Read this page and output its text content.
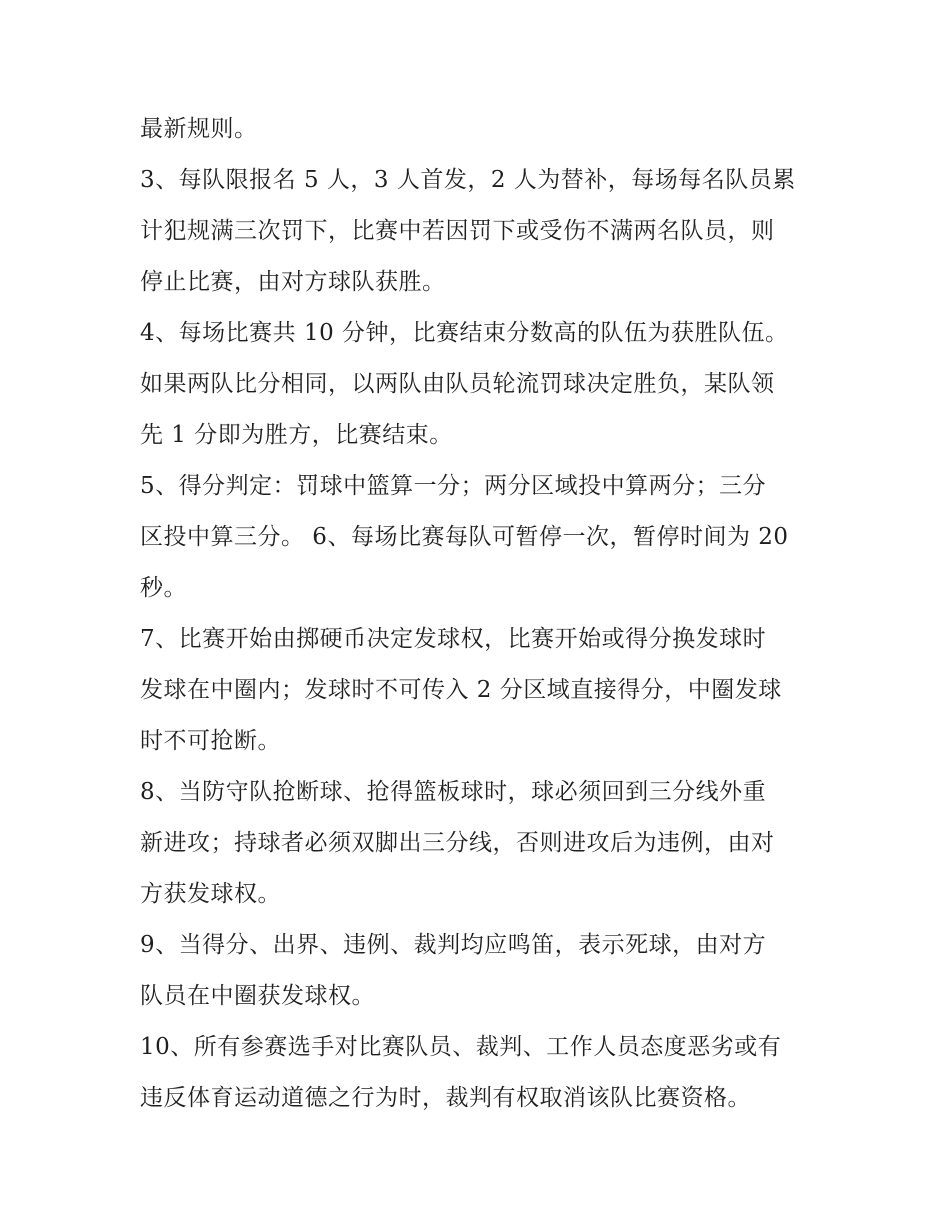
最新规则。
3、每队限报名 5 人，3 人首发，2 人为替补，每场每名队员累
计犯规满三次罚下，比赛中若因罚下或受伤不满两名队员，则
停止比赛，由对方球队获胜。
4、每场比赛共 10 分钟，比赛结束分数高的队伍为获胜队伍。
如果两队比分相同，以两队由队员轮流罚球决定胜负，某队领
先 1 分即为胜方，比赛结束。
5、得分判定：罚球中篮算一分；两分区域投中算两分；三分
区投中算三分。 6、每场比赛每队可暂停一次，暂停时间为 20
秒。
7、比赛开始由掷硬币决定发球权，比赛开始或得分换发球时
发球在中圈内；发球时不可传入 2 分区域直接得分，中圈发球
时不可抢断。
8、当防守队抢断球、抢得篮板球时，球必须回到三分线外重
新进攻；持球者必须双脚出三分线，否则进攻后为违例，由对
方获发球权。
9、当得分、出界、违例、裁判均应鸣笛，表示死球，由对方
队员在中圈获发球权。
10、所有参赛选手对比赛队员、裁判、工作人员态度恶劣或有
违反体育运动道德之行为时，裁判有权取消该队比赛资格。
